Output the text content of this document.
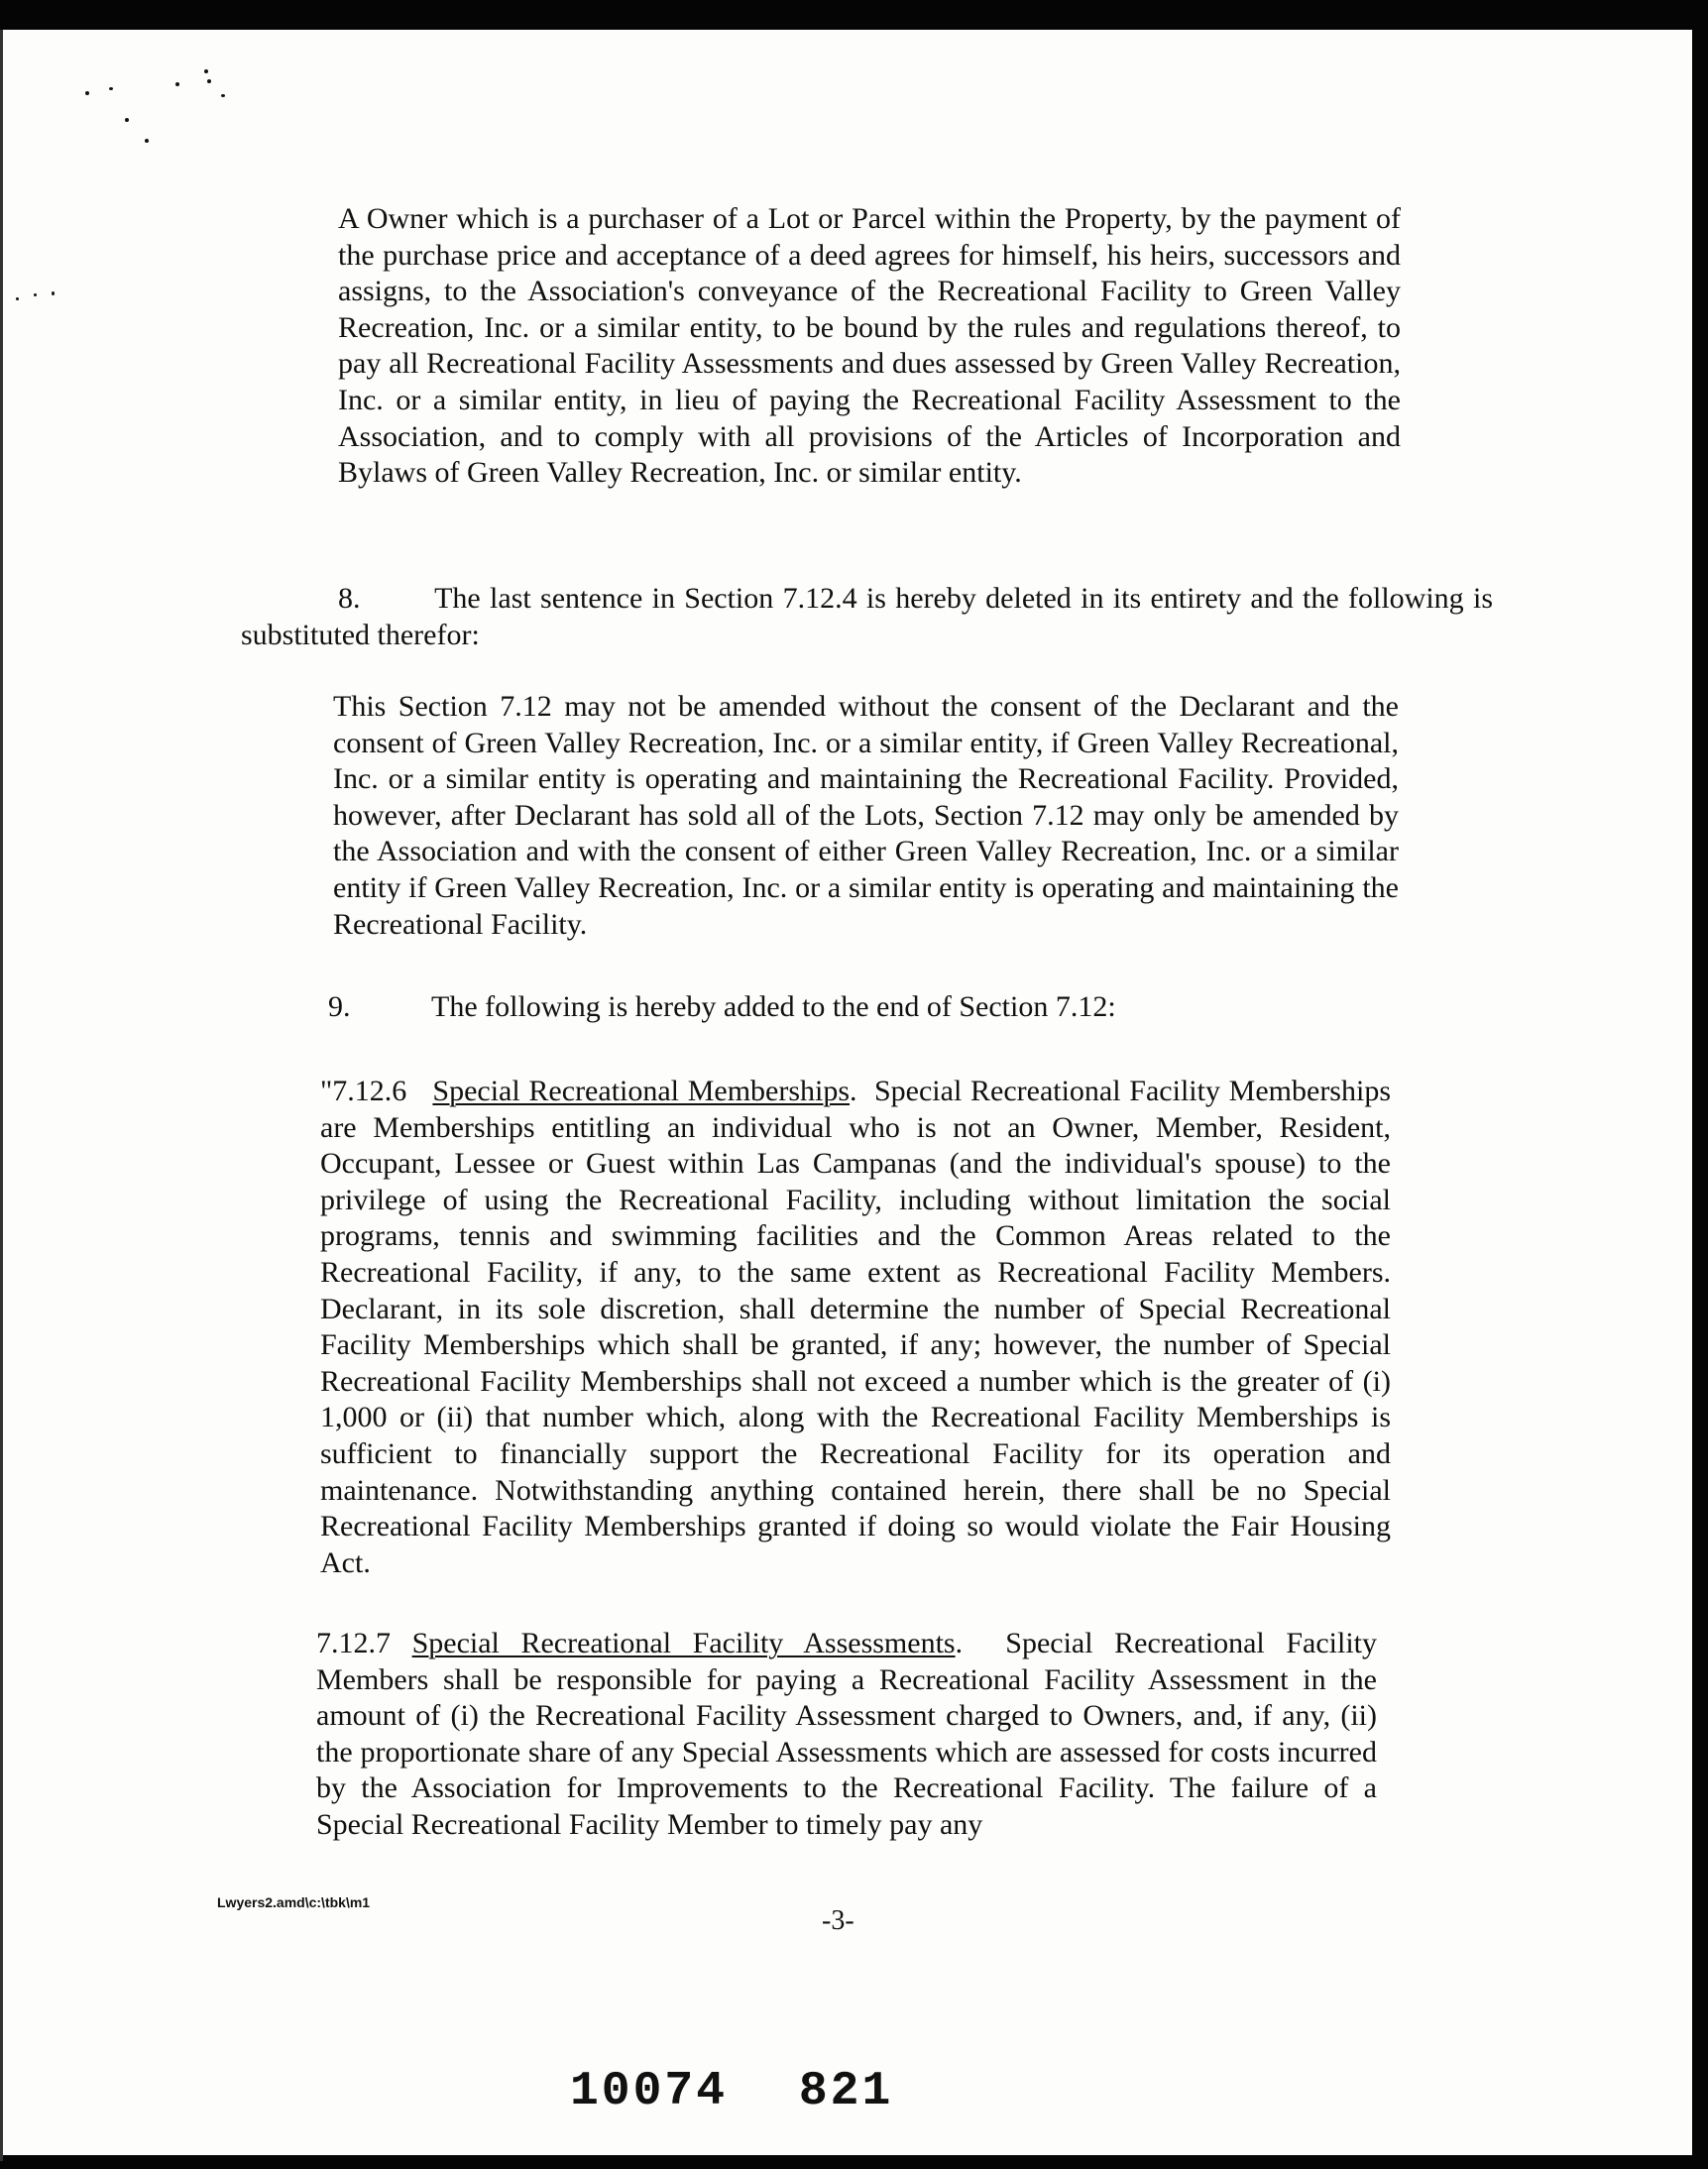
A Owner which is a purchaser of a Lot or Parcel within the Property, by the payment of the purchase price and acceptance of a deed agrees for himself, his heirs, successors and assigns, to the Association's conveyance of the Recreational Facility to Green Valley Recreation, Inc. or a similar entity, to be bound by the rules and regulations thereof, to pay all Recreational Facility Assessments and dues assessed by Green Valley Recreation, Inc. or a similar entity, in lieu of paying the Recreational Facility Assessment to the Association, and to comply with all provisions of the Articles of Incorporation and Bylaws of Green Valley Recreation, Inc. or similar entity.

8. The last sentence in Section 7.12.4 is hereby deleted in its entirety and the following is substituted therefor:

This Section 7.12 may not be amended without the consent of the Declarant and the consent of Green Valley Recreation, Inc. or a similar entity, if Green Valley Recreational, Inc. or a similar entity is operating and maintaining the Recreational Facility. Provided, however, after Declarant has sold all of the Lots, Section 7.12 may only be amended by the Association and with the consent of either Green Valley Recreation, Inc. or a similar entity if Green Valley Recreation, Inc. or a similar entity is operating and maintaining the Recreational Facility.

9.	The following is hereby added to the end of Section 7.12:

"7.12.6 Special Recreational Memberships.  Special Recreational Facility Memberships are Memberships entitling an individual who is not an Owner, Member, Resident, Occupant, Lessee or Guest within Las Campanas (and the individual's spouse) to the privilege of using the Recreational Facility, including without limitation the social programs, tennis and swimming facilities and the Common Areas related to the Recreational Facility, if any, to the same extent as Recreational Facility Members. Declarant, in its sole discretion, shall determine the number of Special Recreational Facility Memberships which shall be granted, if any; however, the number of Special Recreational Facility Memberships shall not exceed a number which is the greater of (i) 1,000 or (ii) that number which, along with the Recreational Facility Memberships is sufficient to financially support the Recreational Facility for its operation and maintenance. Notwithstanding anything contained herein, there shall be no Special Recreational Facility Memberships granted if doing so would violate the Fair Housing Act.

7.12.7 Special Recreational Facility Assessments.  Special Recreational Facility Members shall be responsible for paying a Recreational Facility Assessment in the amount of (i) the Recreational Facility Assessment charged to Owners, and, if any, (ii) the proportionate share of any Special Assessments which are assessed for costs incurred by the Association for Improvements to the Recreational Facility. The failure of a Special Recreational Facility Member to timely pay any

Lwyers2.amd\c:\tbk\m1

-3-

10074 821
